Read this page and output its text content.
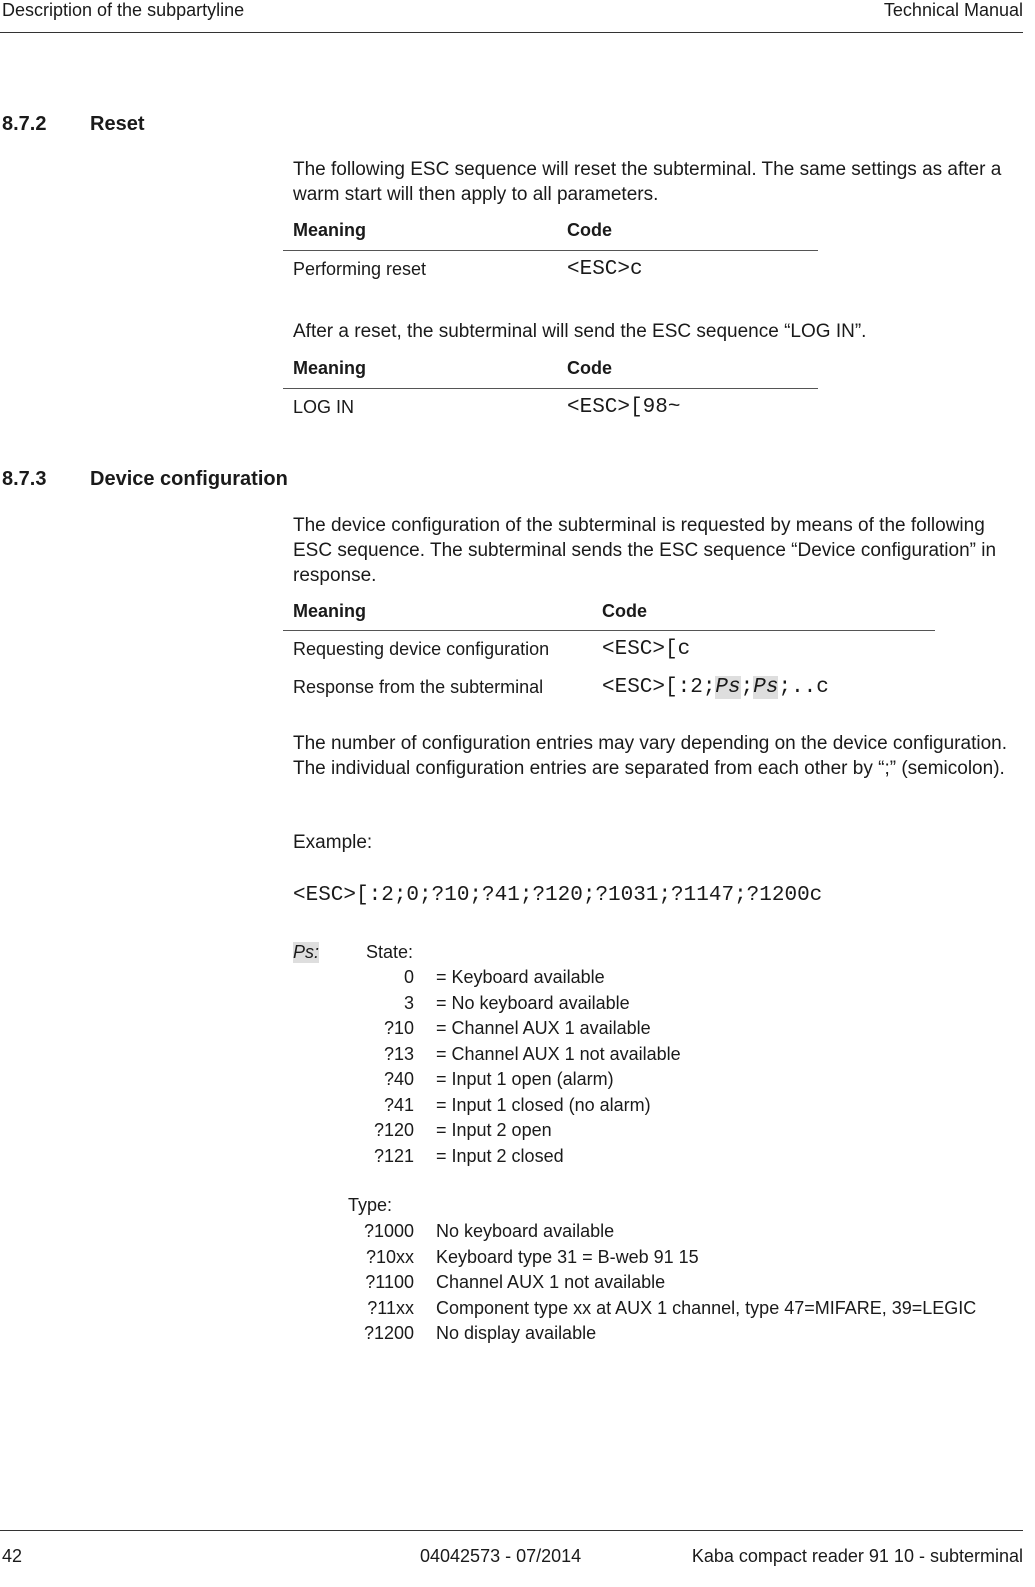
Description of the subpartyline	Technical Manual
8.7.2 Reset
The following ESC sequence will reset the subterminal. The same settings as after a warm start will then apply to all parameters.
Meaning	Code
Performing reset	<ESC>c
After a reset, the subterminal will send the ESC sequence “LOG IN”.
Meaning	Code
LOG IN	<ESC>[98~
8.7.3 Device configuration
The device configuration of the subterminal is requested by means of the following ESC sequence. The subterminal sends the ESC sequence “Device configuration” in response.
Meaning	Code
Requesting device configuration	<ESC>[c
Response from the subterminal	<ESC>[:2;Ps;Ps;..c
The number of configuration entries may vary depending on the device configuration. The individual configuration entries are separated from each other by “;” (semicolon).
Example:
<ESC>[:2;0;?10;?41;?120;?1031;?1147;?1200c
Ps:	State:
0 = Keyboard available
3 = No keyboard available
?10 = Channel AUX 1 available
?13 = Channel AUX 1 not available
?40 = Input 1 open (alarm)
?41 = Input 1 closed (no alarm)
?120 = Input 2 open
?121 = Input 2 closed
Type:
?1000 No keyboard available
?10xx Keyboard type 31 = B-web 91 15
?1100 Channel AUX 1 not available
?11xx Component type xx at AUX 1 channel, type 47=MIFARE, 39=LEGIC
?1200 No display available
42	04042573 - 07/2014	Kaba compact reader 91 10 - subterminal
